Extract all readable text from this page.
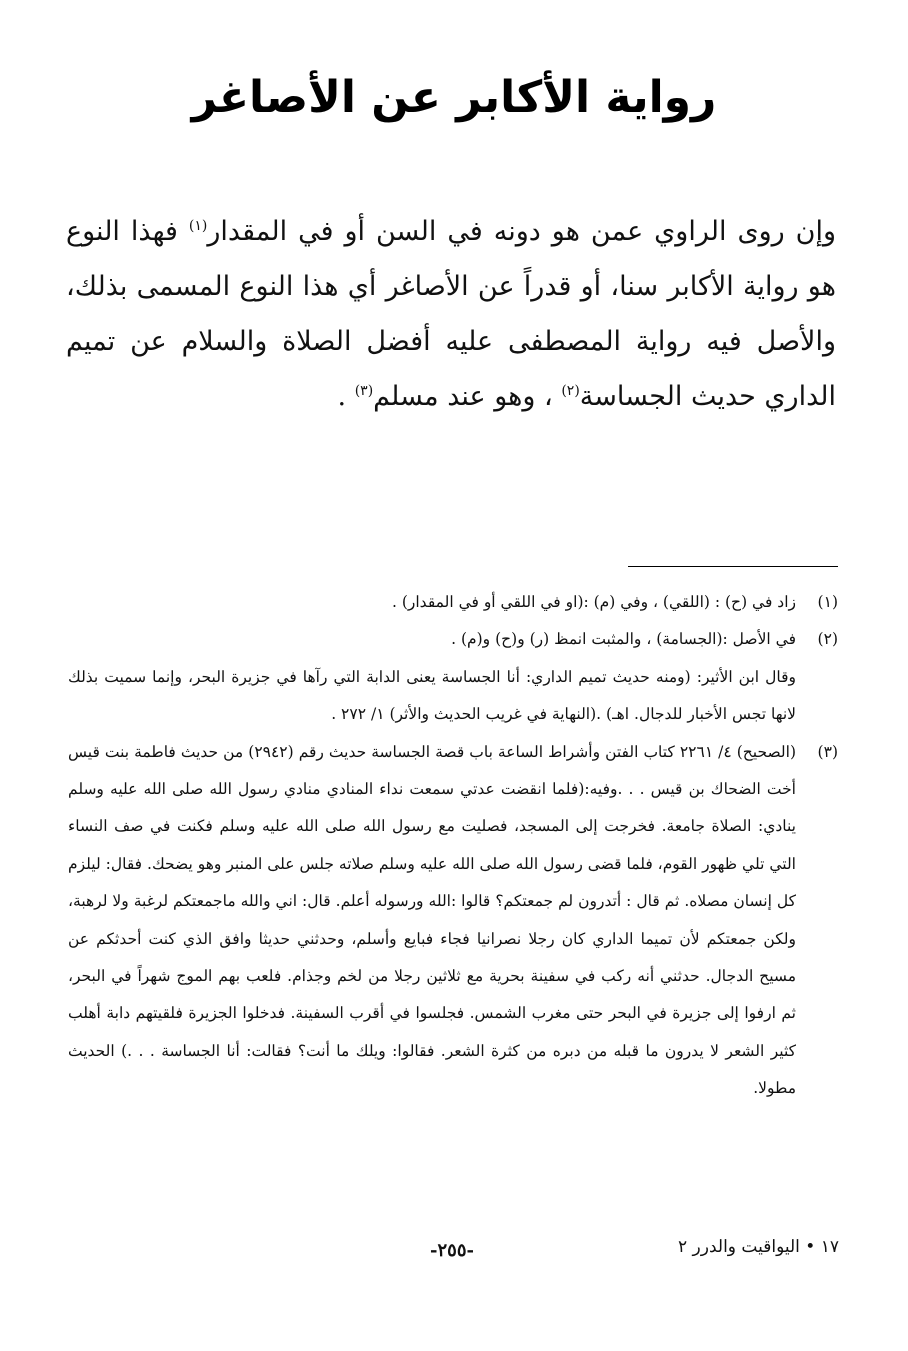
رواية الأكابر عن الأصاغر

وإن روى الراوي عمن هو دونه في السن أو في المقدار$^{(١)}$ فهذا النوع هو رواية الأكابر سنا، أو قدراً عن الأصاغر أي هذا النوع المسمى بذلك، والأصل فيه رواية المصطفى عليه أفضل الصلاة والسلام عن تميم الداري حديث الجساسة$^{(٢)}$ ، وهو عند مسلم$^{(٣)}$ .

(١)

زاد في (ح) : (اللقي) ، وفي (م) :(او في اللقي أو في المقدار) .

(٢)

في الأصل :(الجسامة) ، والمثبت انمظ (ر) و(ح) و(م) .

وقال ابن الأثير: (ومنه حديث تميم الداري: أنا الجساسة يعنى الدابة التي رآها في جزيرة البحر، وإنما سميت بذلك لانها تجس الأخبار للدجال. اهـ) .(النهاية في غريب الحديث والأثر) ١/ ٢٧٢ .

(٣)

(الصحيح) ٤/ ٢٢٦١ كتاب الفتن وأشراط الساعة باب قصة الجساسة حديث رقم (٢٩٤٢) من حديث فاطمة بنت قيس أخت الضحاك بن قيس . . .وفيه:(فلما انقضت عدتي سمعت نداء المنادي منادي رسول الله صلى الله عليه وسلم ينادي: الصلاة جامعة. فخرجت إلى المسجد، فصليت مع رسول الله صلى الله عليه وسلم فكنت في صف النساء التي تلي ظهور القوم، فلما قضى رسول الله صلى الله عليه وسلم صلاته جلس على المنبر وهو يضحك. فقال: ليلزم كل إنسان مصلاه. ثم قال : أتدرون لم جمعتكم؟ قالوا :الله ورسوله أعلم. قال: اني والله ماجمعتكم لرغبة ولا لرهبة، ولكن جمعتكم لأن تميما الداري كان رجلا نصرانيا فجاء فبايع وأسلم، وحدثني حديثا وافق الذي كنت أحدثكم عن مسيح الدجال. حدثني أنه ركب في سفينة بحرية مع ثلاثين رجلا من لخم وجذام. فلعب بهم الموج شهراً في البحر، ثم ارفوا إلى جزيرة في البحر حتى مغرب الشمس. فجلسوا في أقرب السفينة. فدخلوا الجزيرة فلقيتهم دابة أهلب كثير الشعر لا يدرون ما قبله من دبره من كثرة الشعر. فقالوا: ويلك ما أنت؟ فقالت: أنا الجساسة . . .) الحديث مطولا.

١٧ • اليواقيت والدرر ٢
-٢٥٥-
